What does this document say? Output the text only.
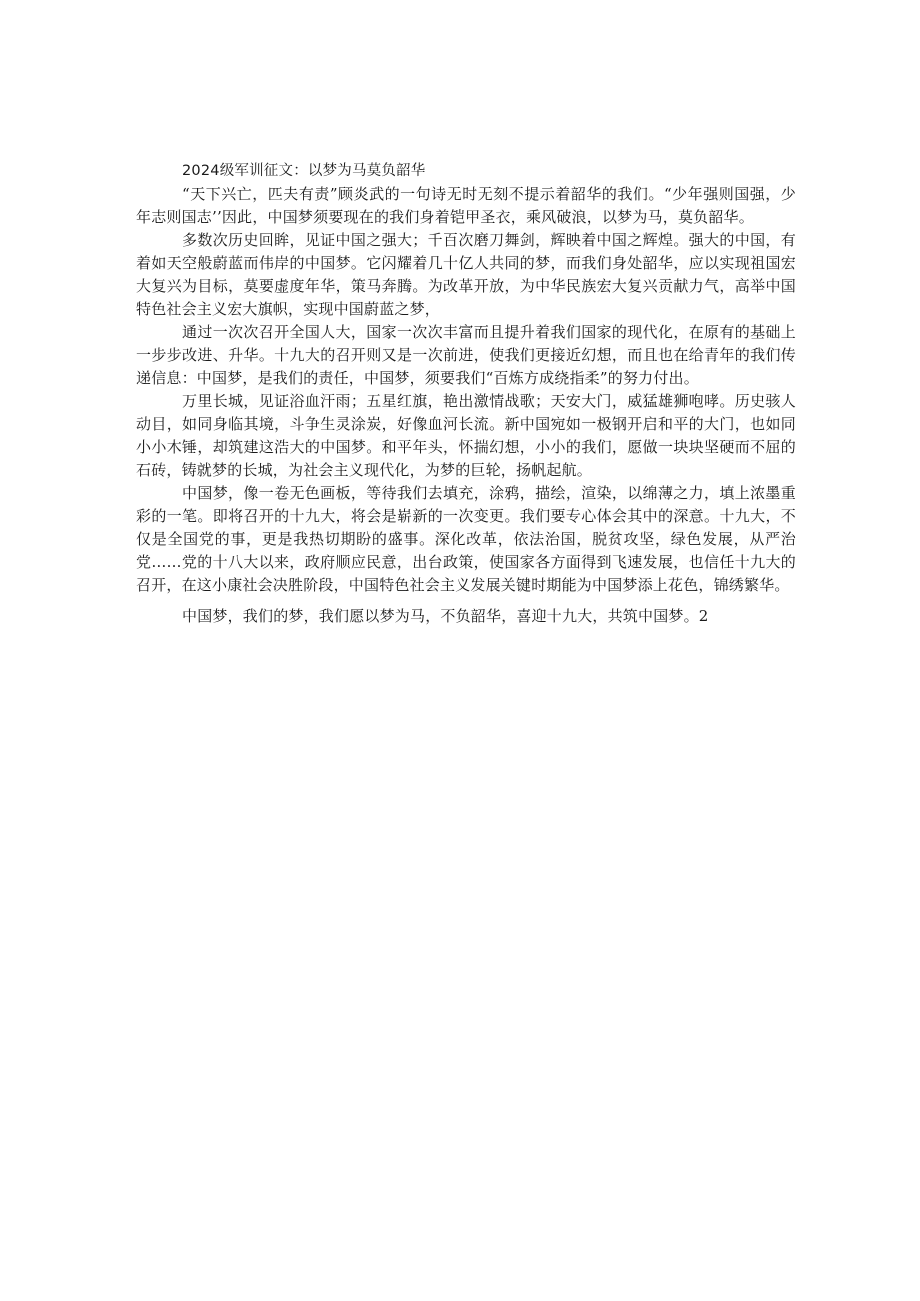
2024级军训征文：以梦为马莫负韶华

“天下兴亡，匹夫有责”顾炎武的一句诗无时无刻不提示着韶华的我们。“少年强则国强，少年志则国志’’因此，中国梦须要现在的我们身着铠甲圣衣，乘风破浪，以梦为马，莫负韶华。

多数次历史回眸，见证中国之强大；千百次磨刀舞剑，辉映着中国之辉煌。强大的中国，有着如天空般蔚蓝而伟岸的中国梦。它闪耀着几十亿人共同的梦，而我们身处韶华，应以实现祖国宏大复兴为目标，莫要虚度年华，策马奔腾。为改革开放，为中华民族宏大复兴贡献力气，高举中国特色社会主义宏大旗帜，实现中国蔚蓝之梦，

通过一次次召开全国人大，国家一次次丰富而且提升着我们国家的现代化，在原有的基础上一步步改进、升华。十九大的召开则又是一次前进，使我们更接近幻想，而且也在给青年的我们传递信息：中国梦，是我们的责任，中国梦，须要我们“百炼方成绕指柔”的努力付出。

万里长城，见证浴血汗雨；五星红旗，艳出激情战歌；天安大门，威猛雄狮咆哮。历史骇人动目，如同身临其境，斗争生灵涂炭，好像血河长流。新中国宛如一极钢开启和平的大门，也如同小小木锤，却筑建这浩大的中国梦。和平年头，怀揣幻想，小小的我们，愿做一块块坚硬而不屈的石砖，铸就梦的长城，为社会主义现代化，为梦的巨轮，扬帆起航。

中国梦，像一卷无色画板，等待我们去填充，涂鸦，描绘，渲染，以绵薄之力，填上浓墨重彩的一笔。即将召开的十九大，将会是崭新的一次变更。我们要专心体会其中的深意。十九大，不仅是全国党的事，更是我热切期盼的盛事。深化改革，依法治国，脱贫攻坚，绿色发展，从严治党……党的十八大以来，政府顺应民意，出台政策，使国家各方面得到飞速发展，也信任十九大的召开，在这小康社会决胜阶段，中国特色社会主义发展关键时期能为中国梦添上花色，锦绣繁华。

中国梦，我们的梦，我们愿以梦为马，不负韶华，喜迎十九大，共筑中国梦。2
